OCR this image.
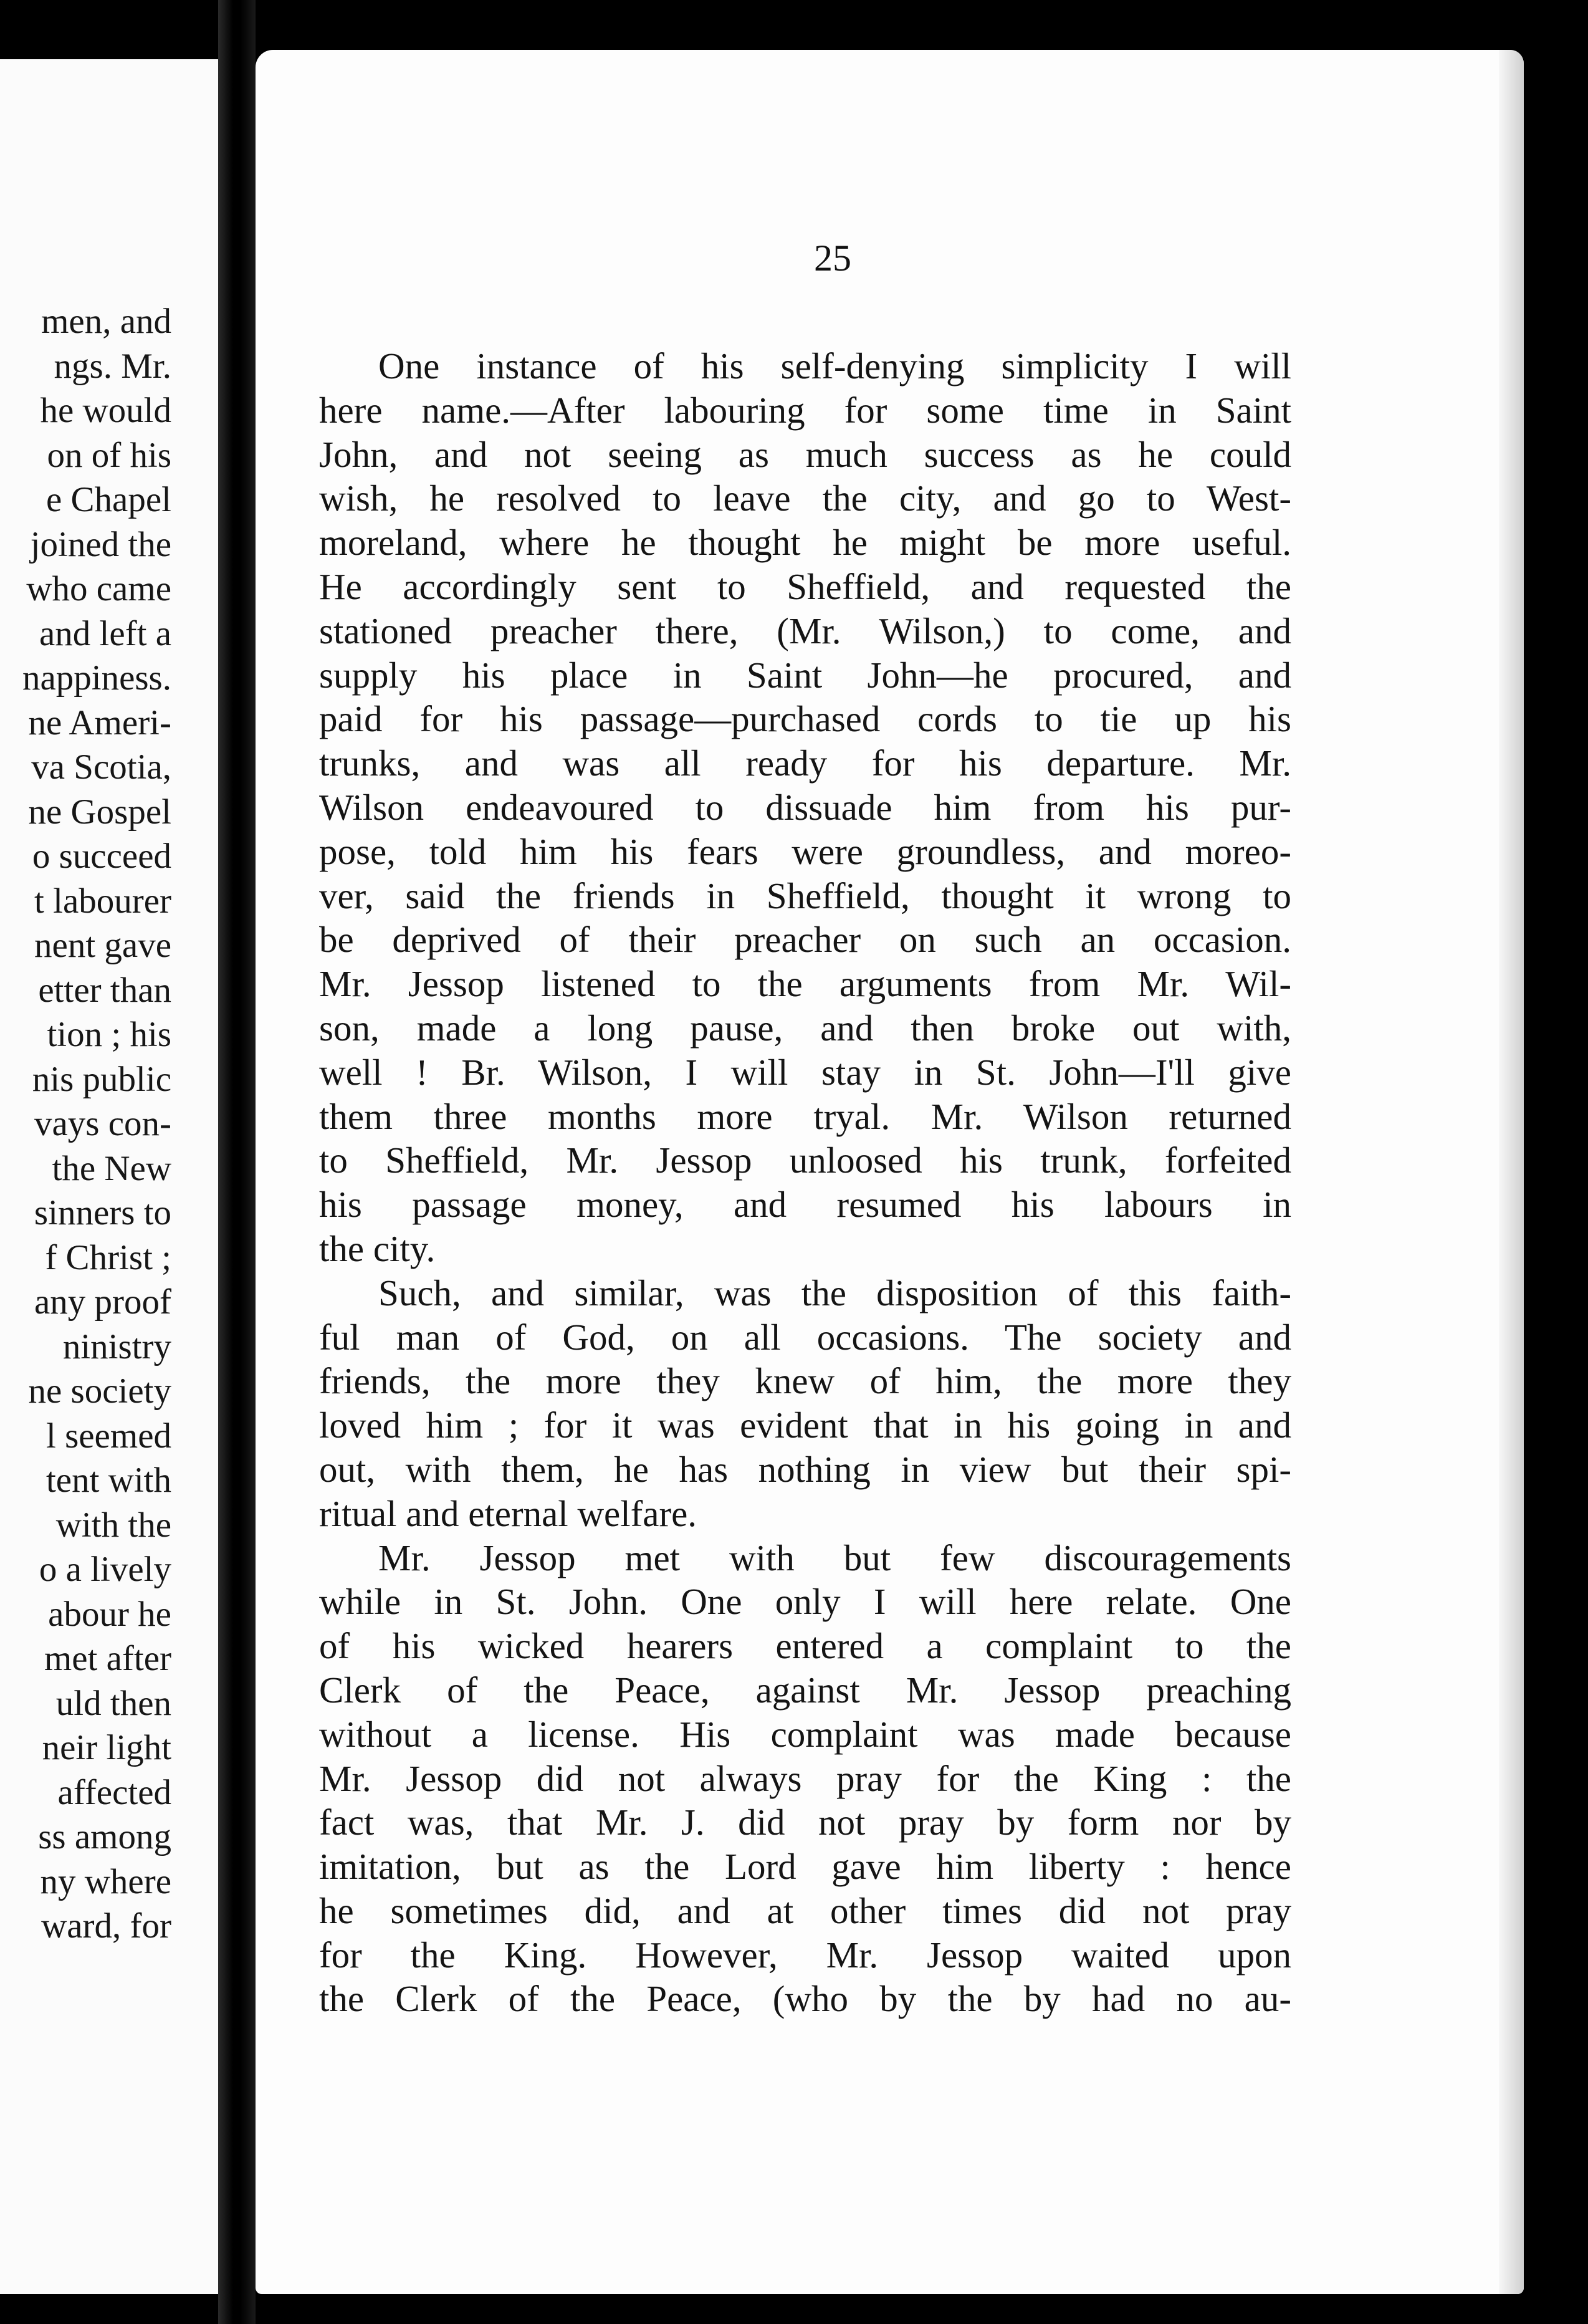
men, and
ngs. Mr.
he would
on of his
e Chapel
joined the
who came
and left a
nappiness.
ne Ameri-
va Scotia,
ne Gospel
o succeed
t labourer
nent gave
etter than
tion ; his
nis public
vays con-
the New
sinners to
f Christ ;
any proof
ninistry
ne society
l seemed
tent with
with the
o a lively
abour he
met after
uld then
neir light
affected
ss among
ny where
ward, for
25
One instance of his self-denying simplicity I will
here name.—After labouring for some time in Saint
John, and not seeing as much success as he could
wish, he resolved to leave the city, and go to West-
moreland, where he thought he might be more useful.
He accordingly sent to Sheffield, and requested the
stationed preacher there, (Mr. Wilson,) to come, and
supply his place in Saint John—he procured, and
paid for his passage—purchased cords to tie up his
trunks, and was all ready for his departure. Mr.
Wilson endeavoured to dissuade him from his pur-
pose, told him his fears were groundless, and moreo-
ver, said the friends in Sheffield, thought it wrong to
be deprived of their preacher on such an occasion.
Mr. Jessop listened to the arguments from Mr. Wil-
son, made a long pause, and then broke out with,
well ! Br. Wilson, I will stay in St. John—I'll give
them three months more tryal. Mr. Wilson returned
to Sheffield, Mr. Jessop unloosed his trunk, forfeited
his passage money, and resumed his labours in
the city.
Such, and similar, was the disposition of this faith-
ful man of God, on all occasions. The society and
friends, the more they knew of him, the more they
loved him ; for it was evident that in his going in and
out, with them, he has nothing in view but their spi-
ritual and eternal welfare.
Mr. Jessop met with but few discouragements
while in St. John. One only I will here relate. One
of his wicked hearers entered a complaint to the
Clerk of the Peace, against Mr. Jessop preaching
without a license. His complaint was made because
Mr. Jessop did not always pray for the King : the
fact was, that Mr. J. did not pray by form nor by
imitation, but as the Lord gave him liberty : hence
he sometimes did, and at other times did not pray
for the King. However, Mr. Jessop waited upon
the Clerk of the Peace, (who by the by had no au-
